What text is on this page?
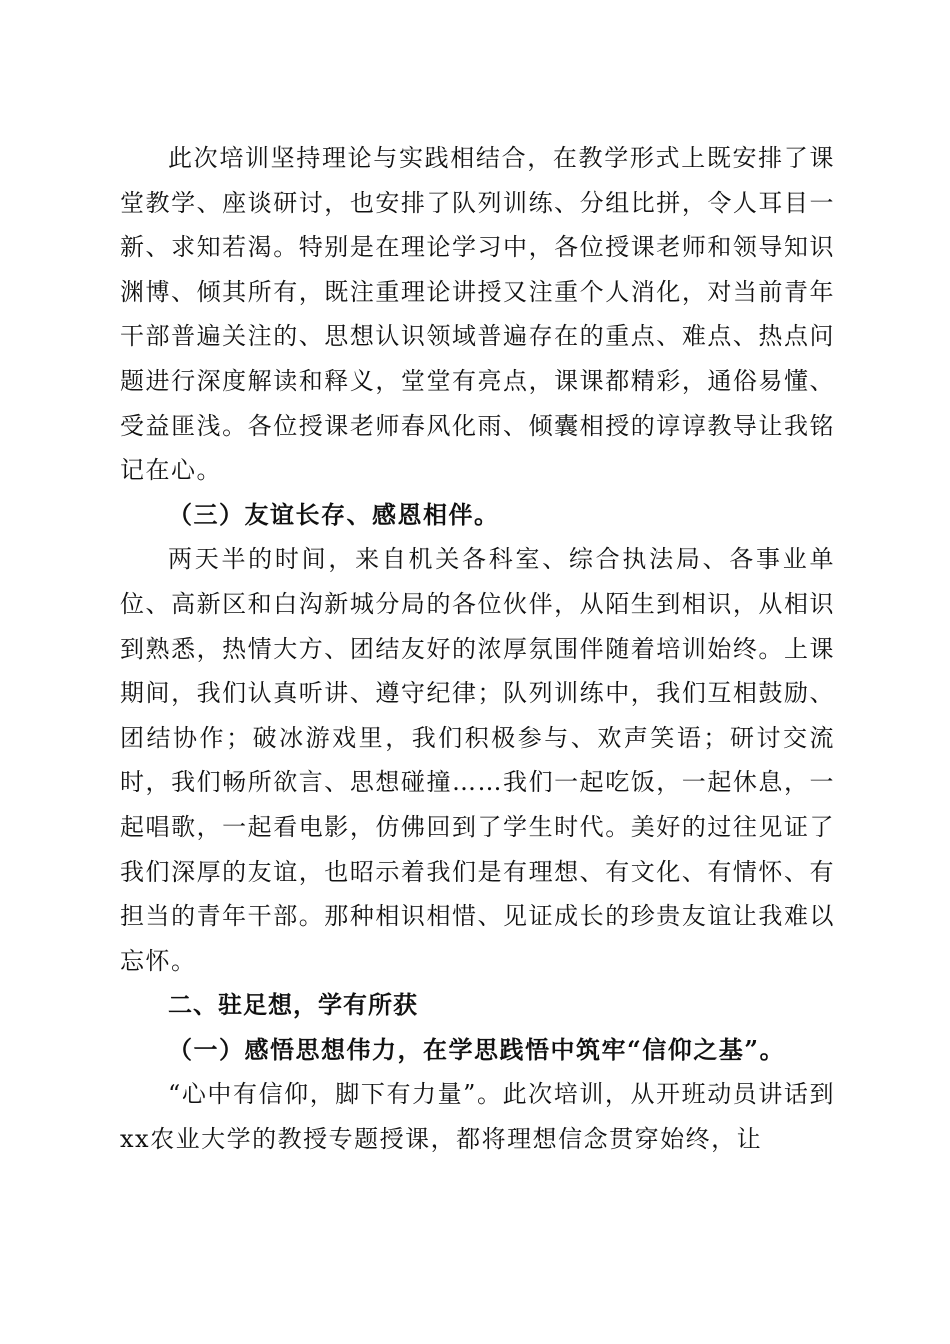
此次培训坚持理论与实践相结合，在教学形式上既安排了课堂教学、座谈研讨，也安排了队列训练、分组比拼，令人耳目一新、求知若渴。特别是在理论学习中，各位授课老师和领导知识渊博、倾其所有，既注重理论讲授又注重个人消化，对当前青年干部普遍关注的、思想认识领域普遍存在的重点、难点、热点问题进行深度解读和释义，堂堂有亮点，课课都精彩，通俗易懂、受益匪浅。各位授课老师春风化雨、倾囊相授的谆谆教导让我铭记在心。

（三）友谊长存、感恩相伴。

两天半的时间，来自机关各科室、综合执法局、各事业单位、高新区和白沟新城分局的各位伙伴，从陌生到相识，从相识到熟悉，热情大方、团结友好的浓厚氛围伴随着培训始终。上课期间，我们认真听讲、遵守纪律；队列训练中，我们互相鼓励、团结协作；破冰游戏里，我们积极参与、欢声笑语；研讨交流时，我们畅所欲言、思想碰撞……我们一起吃饭，一起休息，一起唱歌，一起看电影，仿佛回到了学生时代。美好的过往见证了我们深厚的友谊，也昭示着我们是有理想、有文化、有情怀、有担当的青年干部。那种相识相惜、见证成长的珍贵友谊让我难以忘怀。

二、驻足想，学有所获

（一）感悟思想伟力，在学思践悟中筑牢“信仰之基”。

“心中有信仰，脚下有力量”。此次培训，从开班动员讲话到xx农业大学的教授专题授课，都将理想信念贯穿始终，让
